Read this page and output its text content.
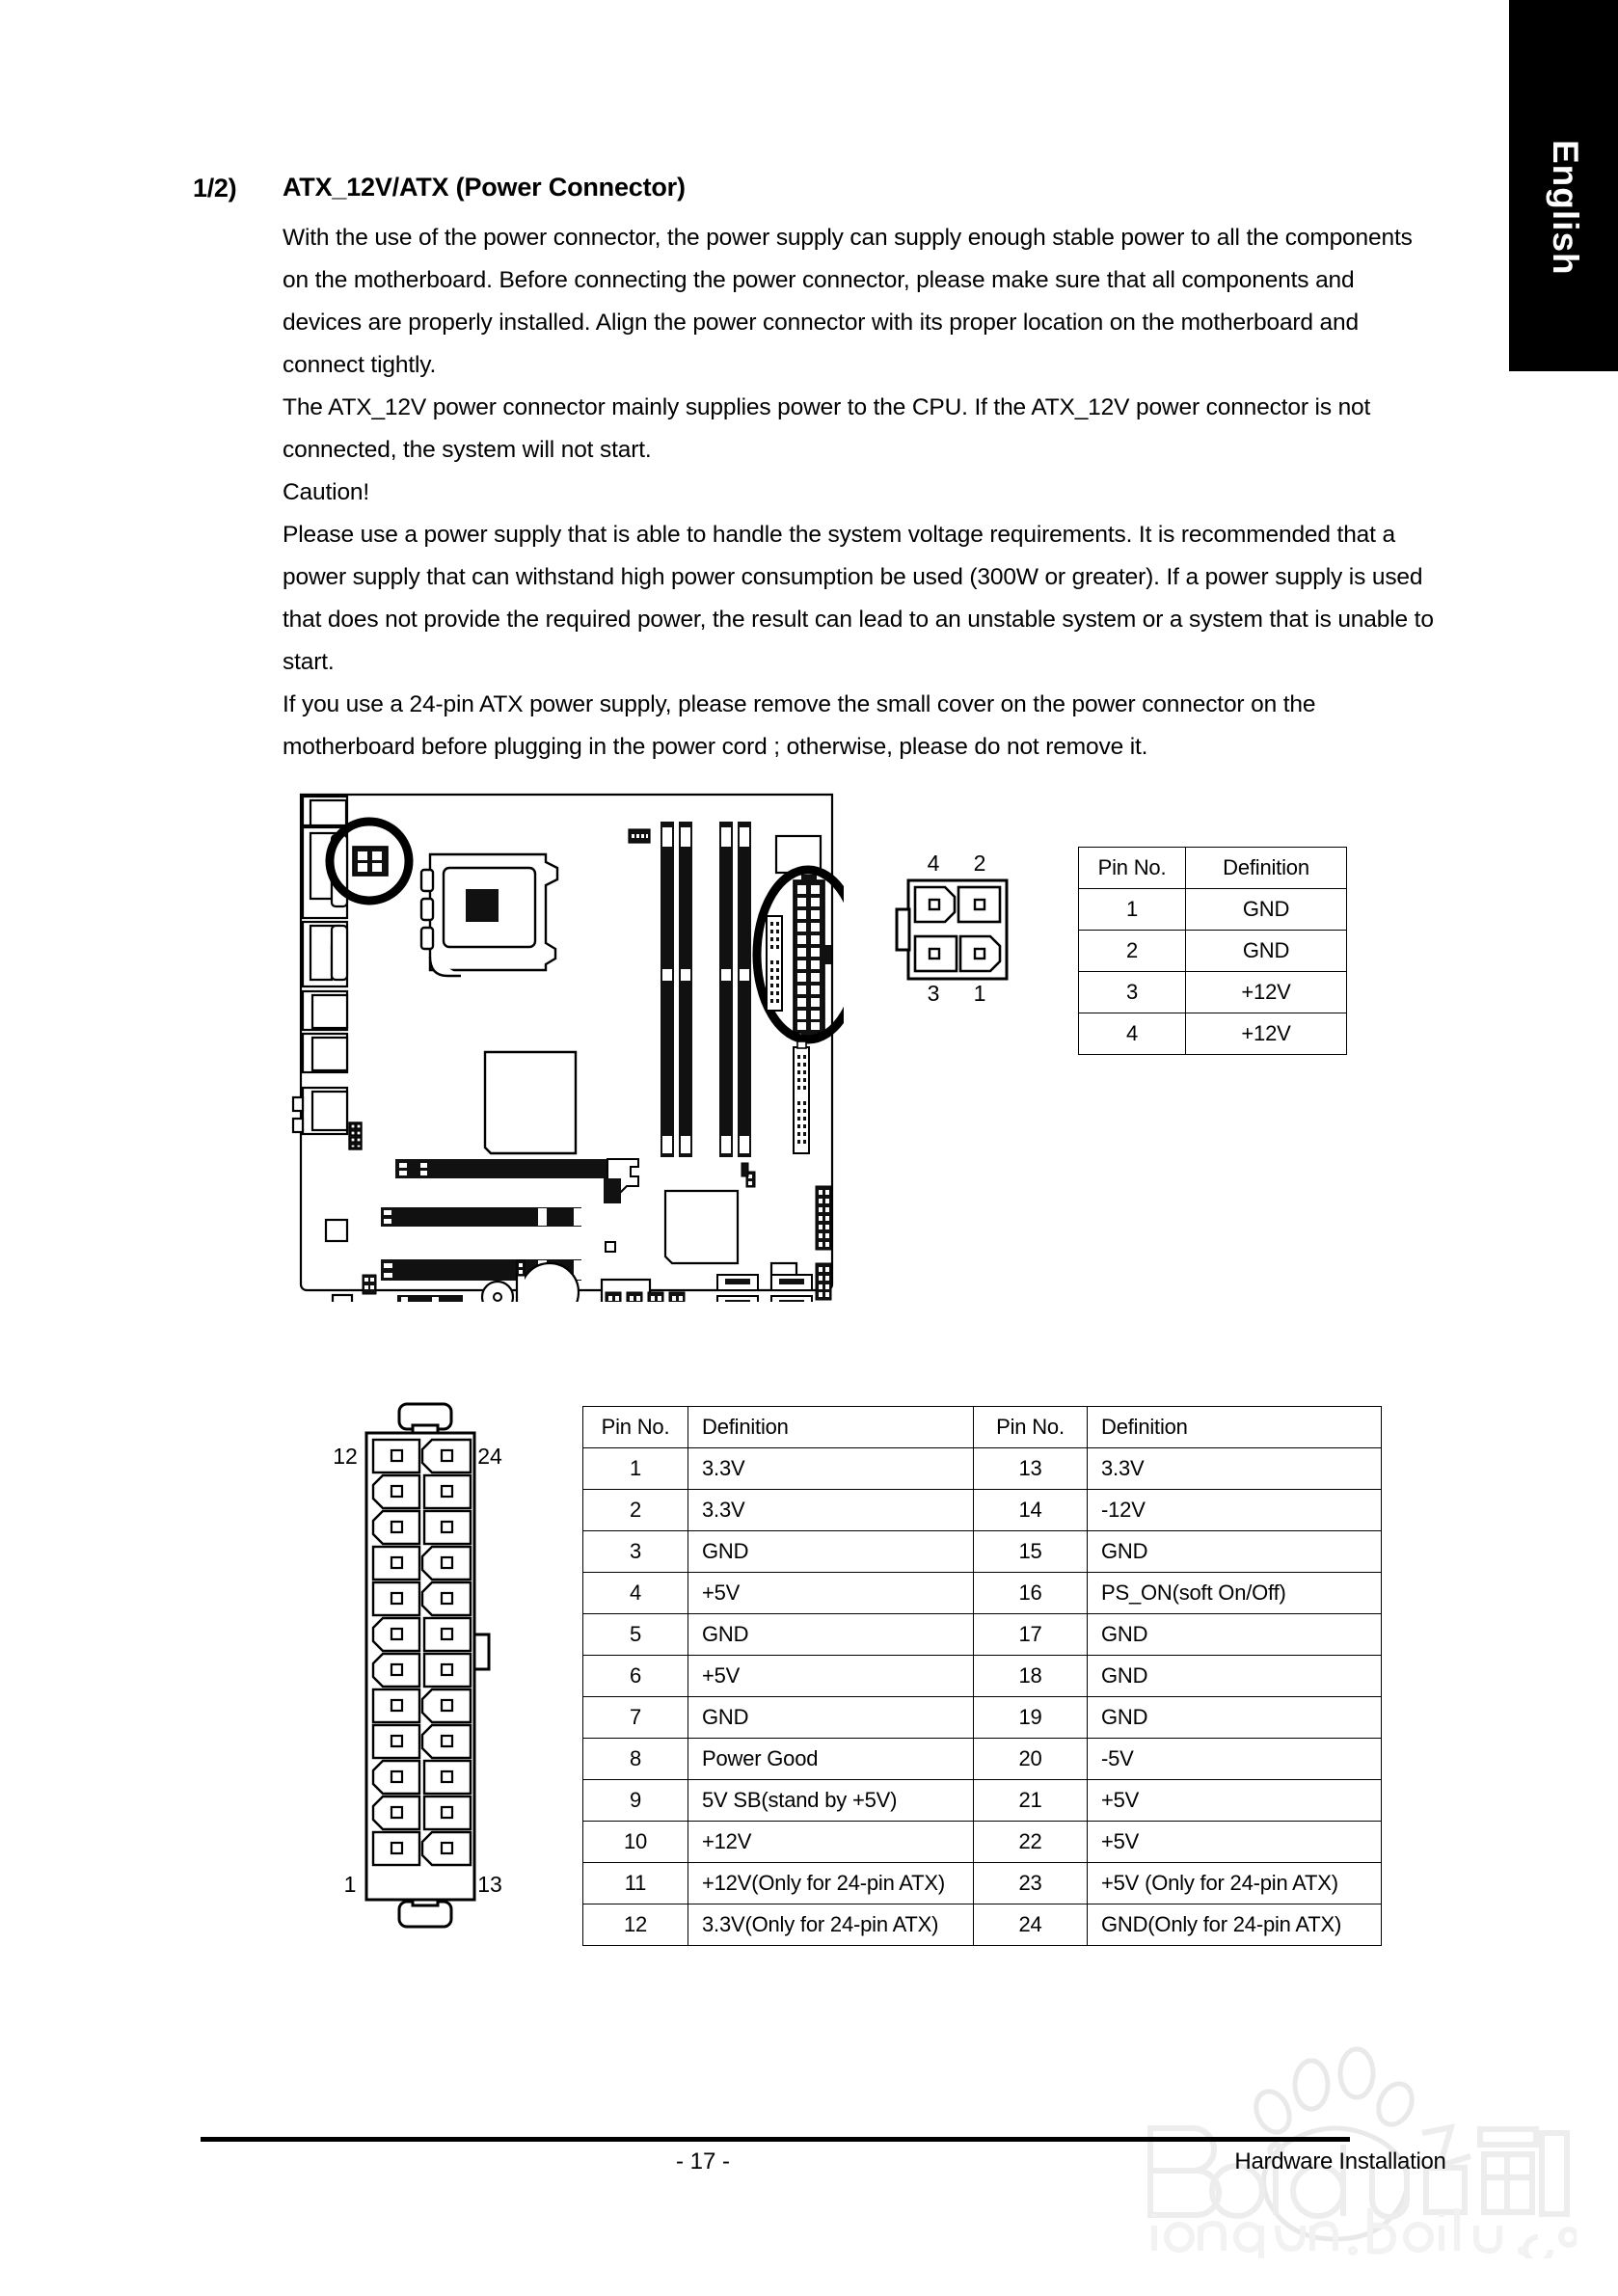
English
1/2) ATX_12V/ATX (Power Connector)

With the use of the power connector, the power supply can supply enough stable power to all the components on the motherboard. Before connecting the power connector, please make sure that all components and devices are properly installed. Align the power connector with its proper location on the motherboard and connect tightly.

The ATX_12V power connector mainly supplies power to the CPU. If the ATX_12V power connector is not connected, the system will not start.

Caution!

Please use a power supply that is able to handle the system voltage requirements. It is recommended that a power supply that can withstand high power consumption be used (300W or greater). If a power supply is used that does not provide the required power, the result can lead to an unstable system or a system that is unable to start.

If you use a 24-pin ATX power supply, please remove the small cover on the power connector on the motherboard before plugging in the power cord ; otherwise, please do not remove it.

4 2
3 1
Pin No.	Definition
1	GND
2	GND
3	+12V
4	+12V
12	24
1	13
Pin No.	Definition	Pin No.	Definition
1	3.3V	13	3.3V
2	3.3V	14	-12V
3	GND	15	GND
4	+5V	16	PS_ON(soft On/Off)
5	GND	17	GND
6	+5V	18	GND
7	GND	19	GND
8	Power Good	20	-5V
9	5V SB(stand by +5V)	21	+5V
10	+12V	22	+5V
11	+12V(Only for 24-pin ATX)	23	+5V (Only for 24-pin ATX)
12	3.3V(Only for 24-pin ATX)	24	GND(Only for 24-pin ATX)
- 17 -	Hardware Installation
